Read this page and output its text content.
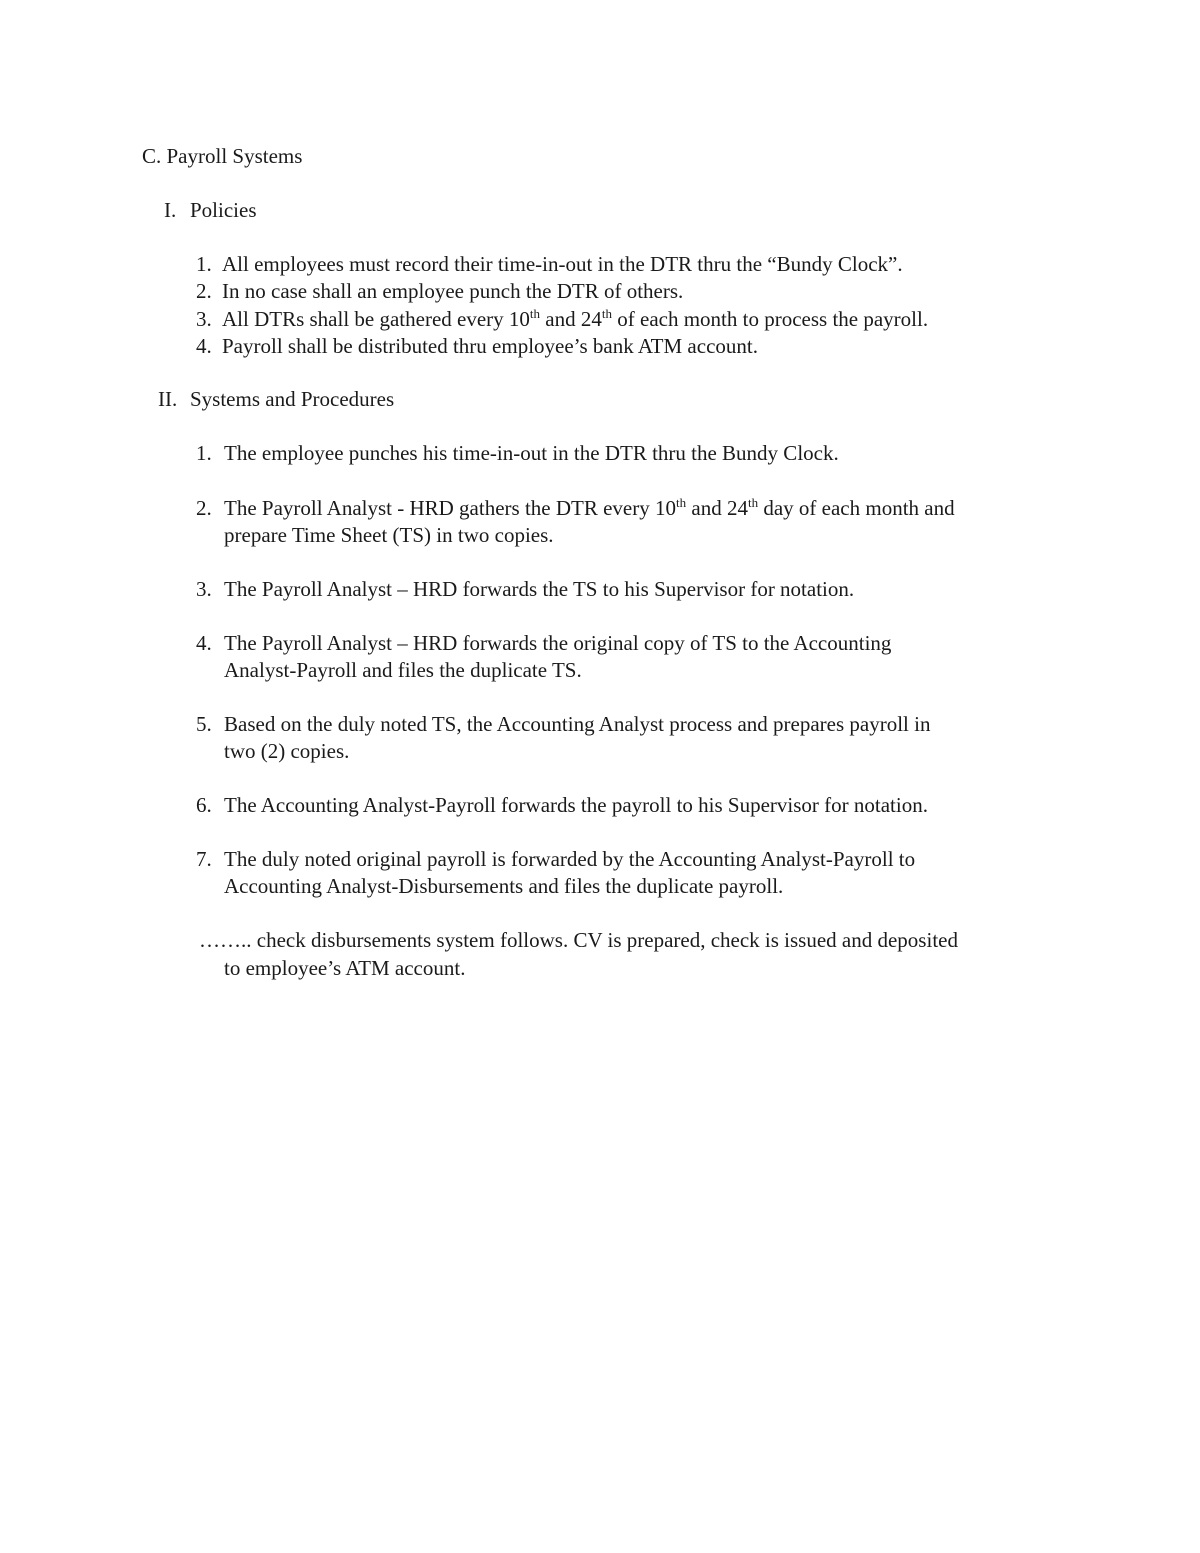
C. Payroll Systems
I. Policies
1. All employees must record their time-in-out in the DTR thru the “Bundy Clock”.
2. In no case shall an employee punch the DTR of others.
3. All DTRs shall be gathered every 10th and 24th of each month to process the payroll.
4. Payroll shall be distributed thru employee’s bank ATM account.
II. Systems and Procedures
1. The employee punches his time-in-out in the DTR thru the Bundy Clock.
2. The Payroll Analyst - HRD gathers the DTR every 10th and 24th day of each month and
prepare Time Sheet (TS) in two copies.
3. The Payroll Analyst – HRD forwards the TS to his Supervisor for notation.
4. The Payroll Analyst – HRD forwards the original copy of TS to the Accounting
Analyst-Payroll and files the duplicate TS.
5. Based on the duly noted TS, the Accounting Analyst process and prepares payroll in
two (2) copies.
6. The Accounting Analyst-Payroll forwards the payroll to his Supervisor for notation.
7. The duly noted original payroll is forwarded by the Accounting Analyst-Payroll to
Accounting Analyst-Disbursements and files the duplicate payroll.
…….. check disbursements system follows. CV is prepared, check is issued and deposited
to employee’s ATM account.
